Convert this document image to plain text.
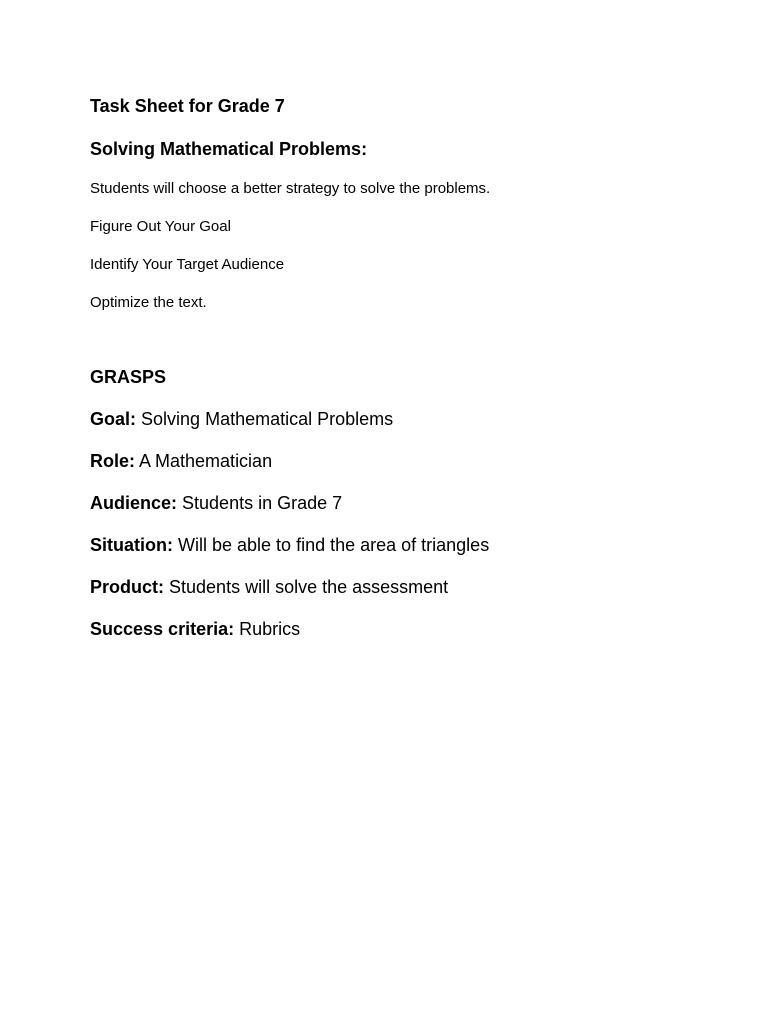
Task Sheet for Grade 7
Solving Mathematical Problems:
Students will choose a better strategy to solve the problems.
Figure Out Your Goal
Identify Your Target Audience
Optimize the text.
GRASPS
Goal: Solving Mathematical Problems
Role: A Mathematician
Audience: Students in Grade 7
Situation: Will be able to find the area of triangles
Product: Students will solve the assessment
Success criteria: Rubrics
